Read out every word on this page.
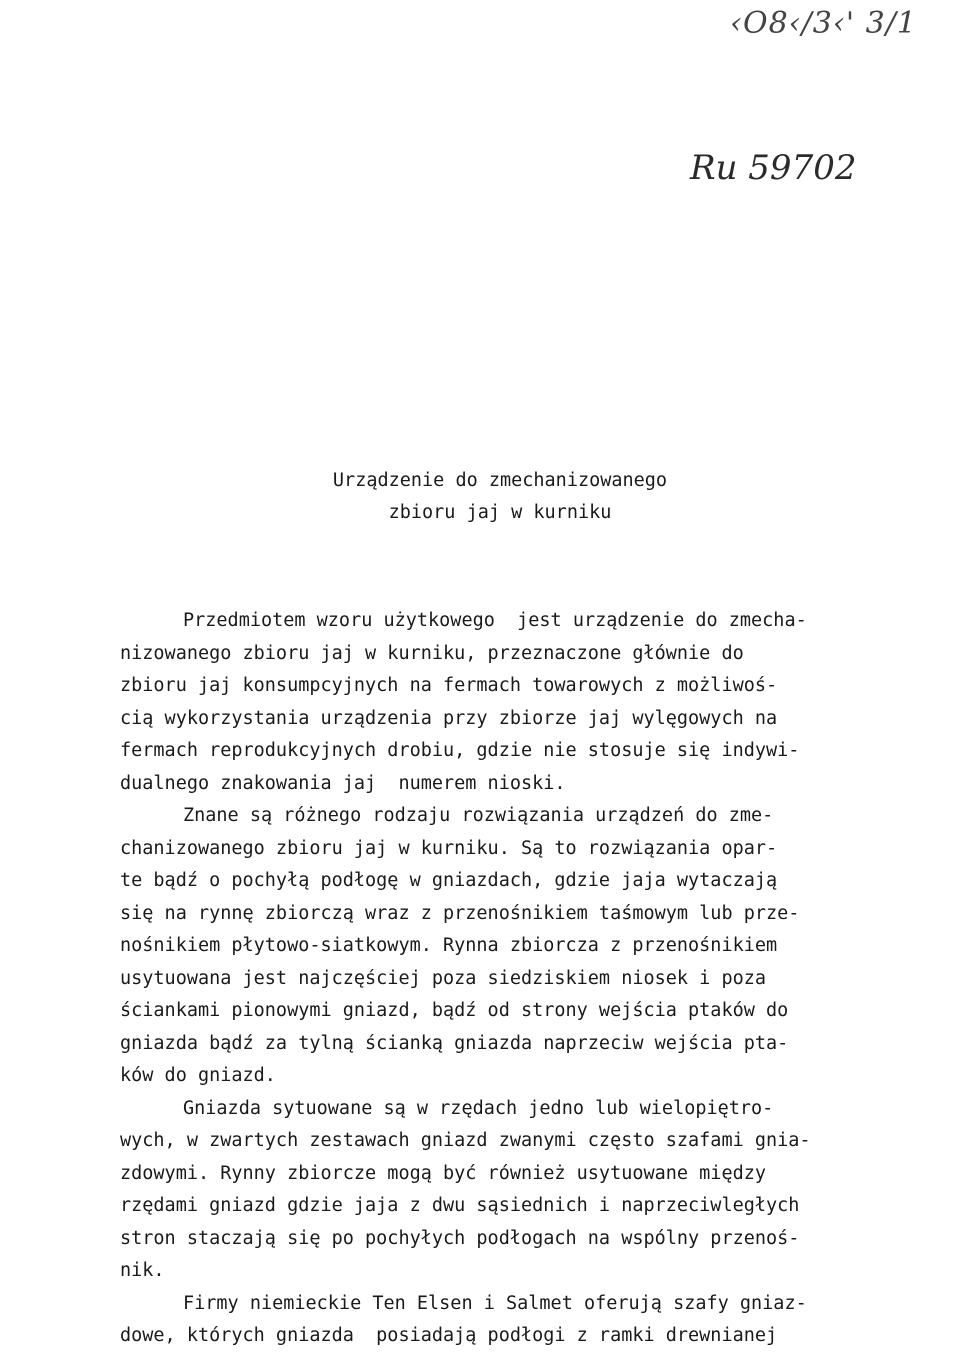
‹O8‹/3‹' 3/1
Ru 59702
Urządzenie do zmechanizowanego
zbioru jaj w kurniku
Przedmiotem wzoru użytkowego  jest urządzenie do zmecha-
nizowanego zbioru jaj w kurniku, przeznaczone głównie do
zbioru jaj konsumpcyjnych na fermach towarowych z możliwoś-
cią wykorzystania urządzenia przy zbiorze jaj wylęgowych na
fermach reprodukcyjnych drobiu, gdzie nie stosuje się indywi-
dualnego znakowania jaj  numerem nioski.
Znane są różnego rodzaju rozwiązania urządzeń do zme-
chanizowanego zbioru jaj w kurniku. Są to rozwiązania opar-
te bądź o pochyłą podłogę w gniazdach, gdzie jaja wytaczają
się na rynnę zbiorczą wraz z przenośnikiem taśmowym lub prze-
nośnikiem płytowo-siatkowym. Rynna zbiorcza z przenośnikiem
usytuowana jest najczęściej poza siedziskiem niosek i poza
ściankami pionowymi gniazd, bądź od strony wejścia ptaków do
gniazda bądź za tylną ścianką gniazda naprzeciw wejścia pta-
ków do gniazd.
Gniazda sytuowane są w rzędach jedno lub wielopiętro-
wych, w zwartych zestawach gniazd zwanymi często szafami gnia-
zdowymi. Rynny zbiorcze mogą być również usytuowane między
rzędami gniazd gdzie jaja z dwu sąsiednich i naprzeciwległych
stron staczają się po pochyłych podłogach na wspólny przenoś-
nik.
Firmy niemieckie Ten Elsen i Salmet oferują szafy gniaz-
dowe, których gniazda  posiadają podłogi z ramki drewnianej
